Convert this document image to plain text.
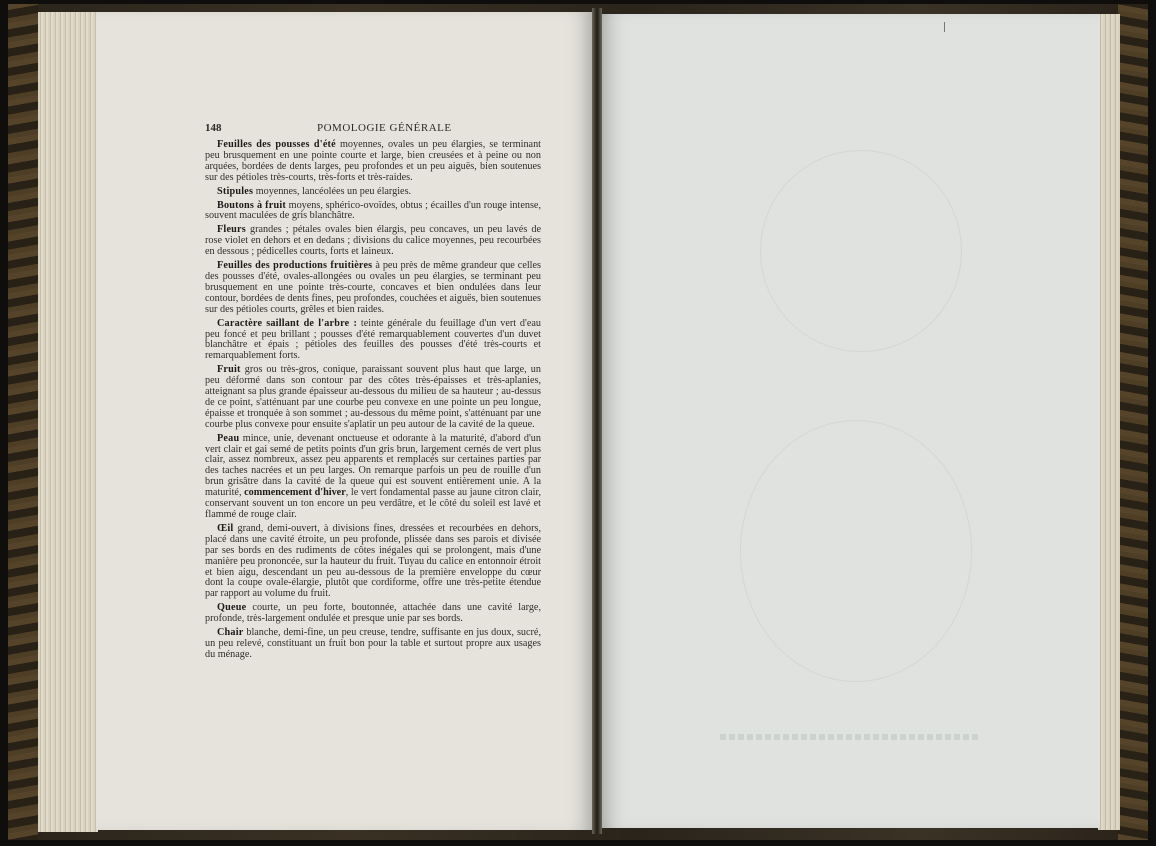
148	POMOLOGIE GÉNÉRALE

Feuilles des pousses d'été moyennes, ovales un peu élargies, se terminant peu brusquement en une pointe courte et large, bien creusées et à peine ou non arquées, bordées de dents larges, peu profondes et un peu aiguës, bien soutenues sur des pétioles très-courts, très-forts et très-raides.

Stipules moyennes, lancéolées un peu élargies.

Boutons à fruit moyens, sphérico-ovoïdes, obtus ; écailles d'un rouge intense, souvent maculées de gris blanchâtre.

Fleurs grandes ; pétales ovales bien élargis, peu concaves, un peu lavés de rose violet en dehors et en dedans ; divisions du calice moyennes, peu recourbées en dessous ; pédicelles courts, forts et laineux.

Feuilles des productions fruitières à peu près de même grandeur que celles des pousses d'été, ovales-allongées ou ovales un peu élargies, se terminant peu brusquement en une pointe très-courte, concaves et bien ondulées dans leur contour, bordées de dents fines, peu profondes, couchées et aiguës, bien soutenues sur des pétioles courts, grêles et bien raides.

Caractère saillant de l'arbre : teinte générale du feuillage d'un vert d'eau peu foncé et peu brillant ; pousses d'été remarquablement couvertes d'un duvet blanchâtre et épais ; pétioles des feuilles des pousses d'été très-courts et remarquablement forts.

Fruit gros ou très-gros, conique, paraissant souvent plus haut que large, un peu déformé dans son contour par des côtes très-épaisses et très-aplanies, atteignant sa plus grande épaisseur au-dessous du milieu de sa hauteur ; au-dessus de ce point, s'atténuant par une courbe peu convexe en une pointe un peu longue, épaisse et tronquée à son sommet ; au-dessous du même point, s'atténuant par une courbe plus convexe pour ensuite s'aplatir un peu autour de la cavité de la queue.

Peau mince, unie, devenant onctueuse et odorante à la maturité, d'abord d'un vert clair et gai semé de petits points d'un gris brun, largement cernés de vert plus clair, assez nombreux, assez peu apparents et remplacés sur certaines parties par des taches nacrées et un peu larges. On remarque parfois un peu de rouille d'un brun grisâtre dans la cavité de la queue qui est souvent entièrement unie. A la maturité, commencement d'hiver, le vert fondamental passe au jaune citron clair, conservant souvent un ton encore un peu verdâtre, et le côté du soleil est lavé et flammé de rouge clair.

Œil grand, demi-ouvert, à divisions fines, dressées et recourbées en dehors, placé dans une cavité étroite, un peu profonde, plissée dans ses parois et divisée par ses bords en des rudiments de côtes inégales qui se prolongent, mais d'une manière peu prononcée, sur la hauteur du fruit. Tuyau du calice en entonnoir étroit et bien aigu, descendant un peu au-dessous de la première enveloppe du cœur dont la coupe ovale-élargie, plutôt que cordiforme, offre une très-petite étendue par rapport au volume du fruit.

Queue courte, un peu forte, boutonnée, attachée dans une cavité large, profonde, très-largement ondulée et presque unie par ses bords.

Chair blanche, demi-fine, un peu creuse, tendre, suffisante en jus doux, sucré, un peu relevé, constituant un fruit bon pour la table et surtout propre aux usages du ménage.
